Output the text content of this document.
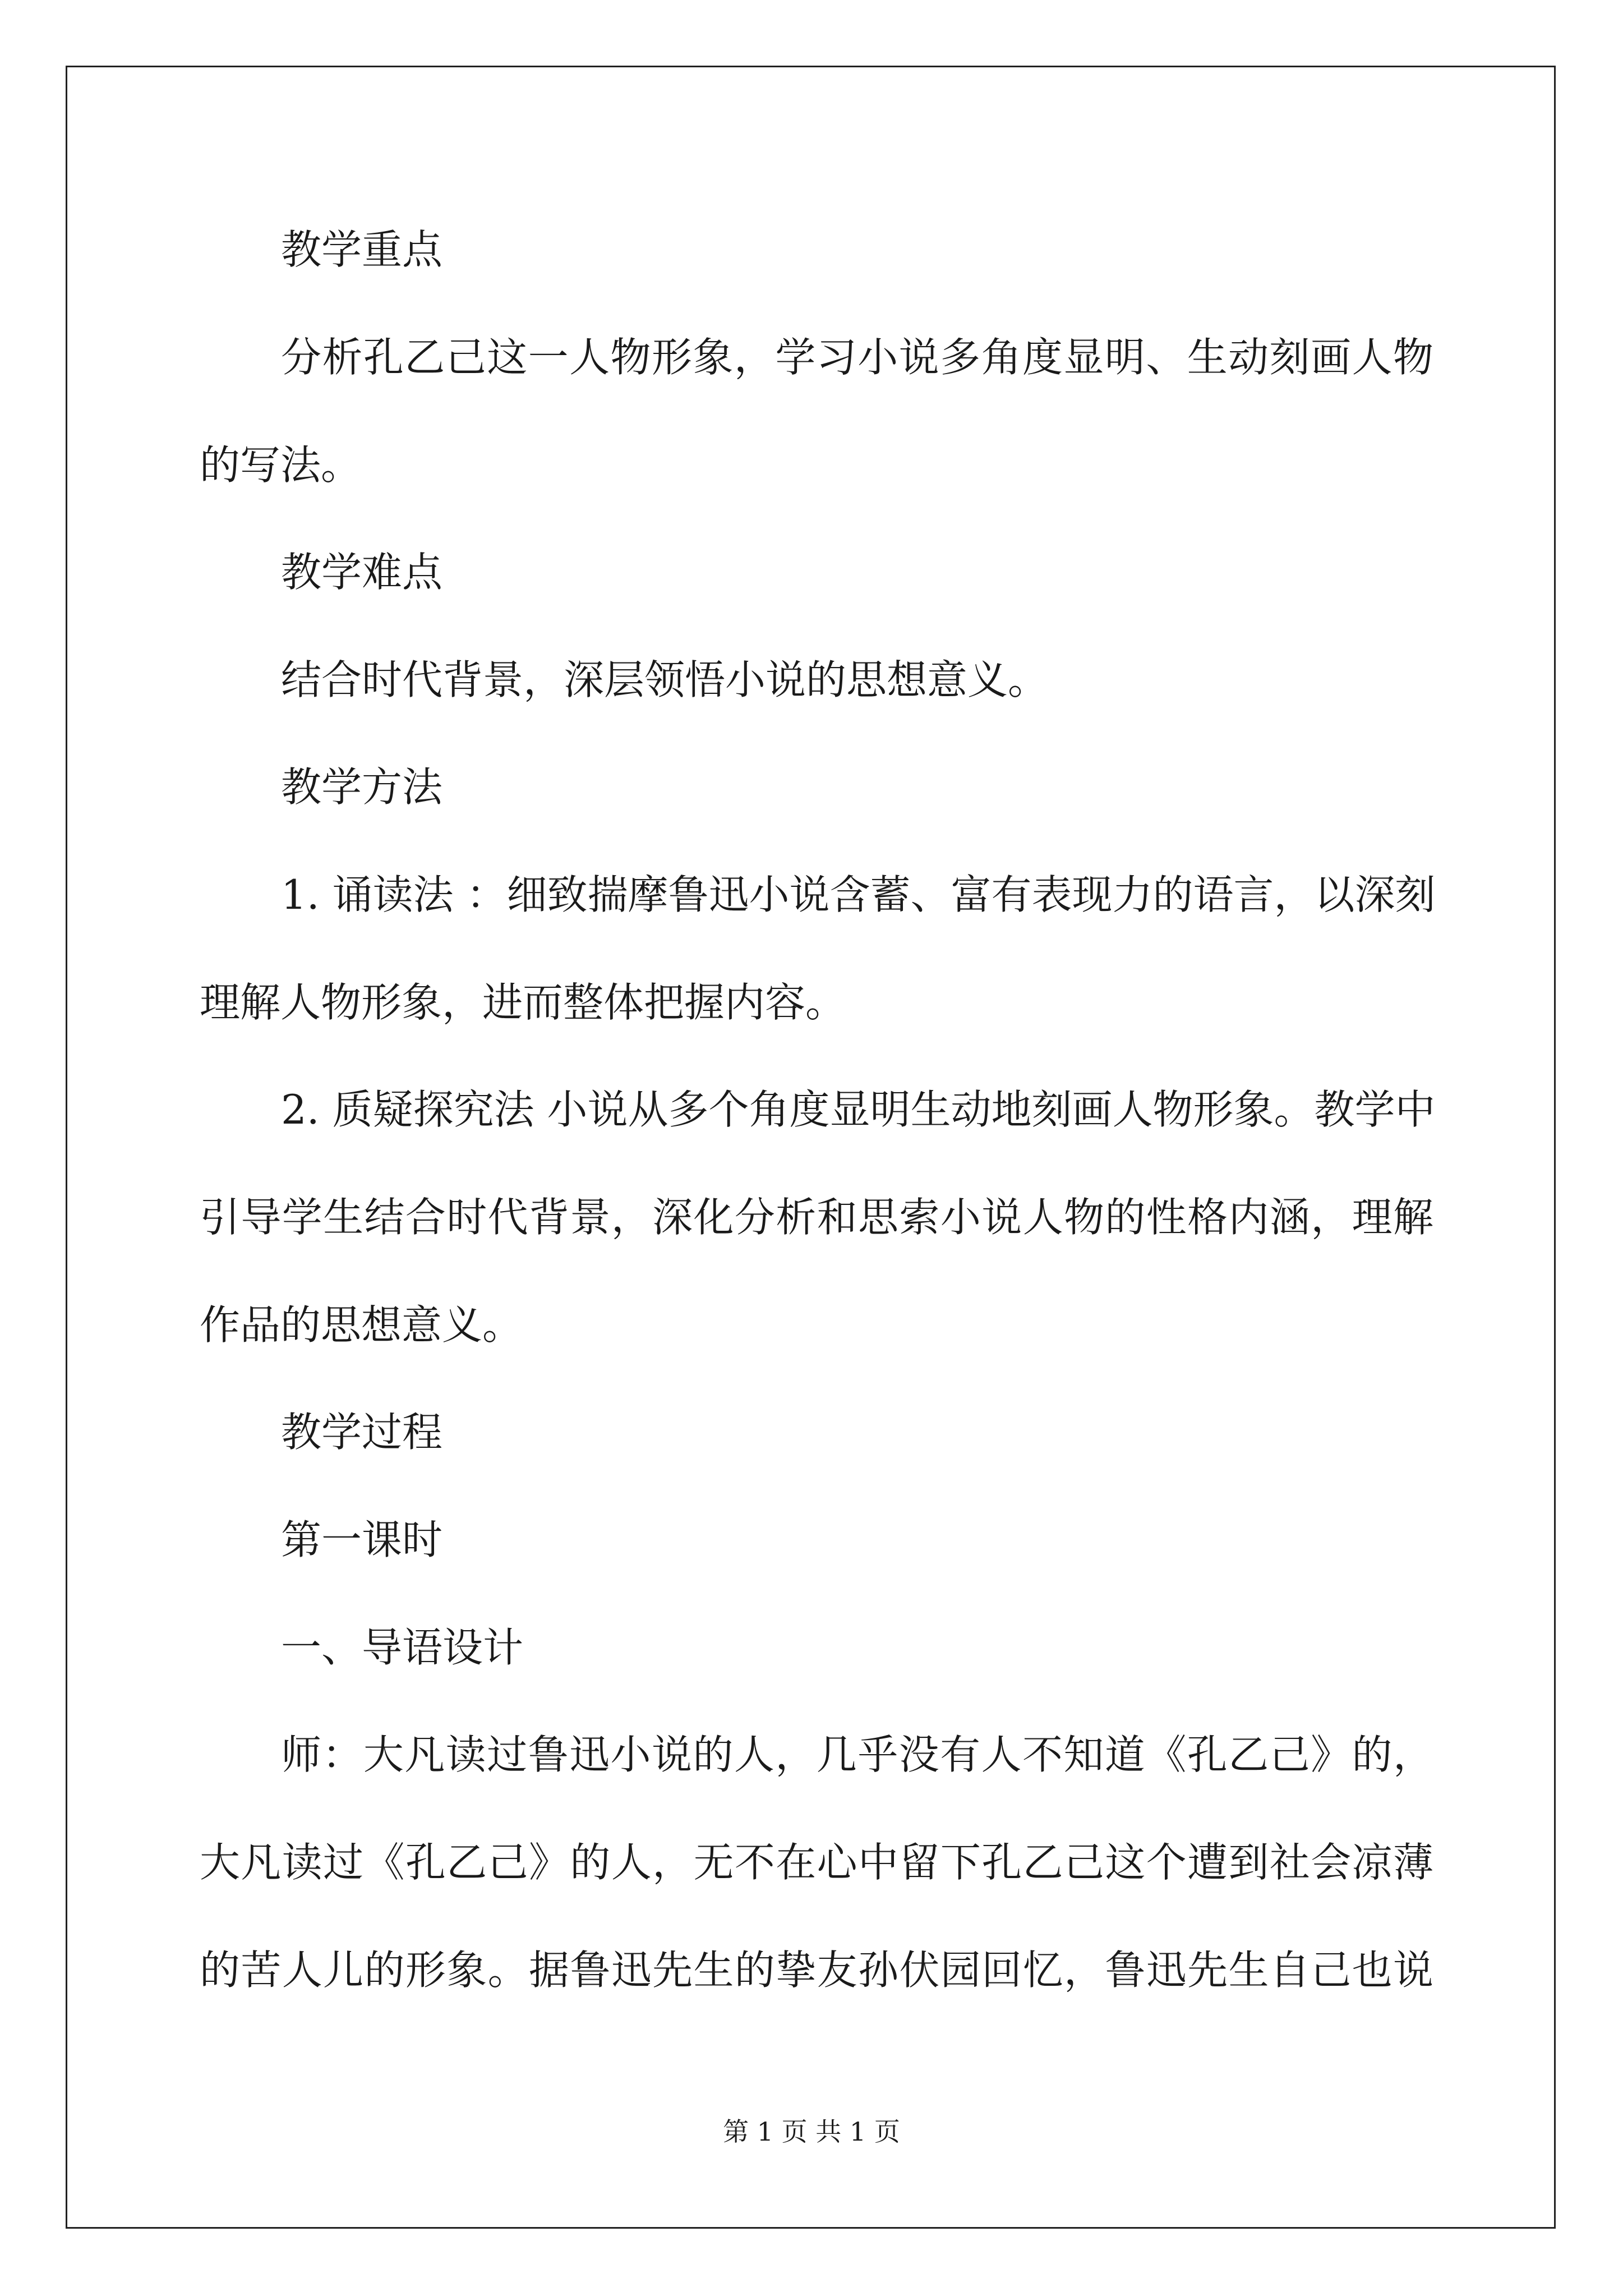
教学重点
分析孔乙己这一人物形象，学习小说多角度显明、生动刻画人物
的写法。
教学难点
结合时代背景，深层领悟小说的思想意义。
教学方法
1. 诵读法 ：细致揣摩鲁迅小说含蓄、富有表现力的语言，以深刻
理解人物形象，进而整体把握内容。
2. 质疑探究法 小说从多个角度显明生动地刻画人物形象。教学中
引导学生结合时代背景，深化分析和思索小说人物的性格内涵，理解
作品的思想意义。
教学过程
第一课时
一、导语设计
师：大凡读过鲁迅小说的人，几乎没有人不知道《孔乙己》的，
大凡读过《孔乙己》的人，无不在心中留下孔乙己这个遭到社会凉薄
的苦人儿的形象。据鲁迅先生的挚友孙伏园回忆，鲁迅先生自己也说
第 1 页 共 1 页
